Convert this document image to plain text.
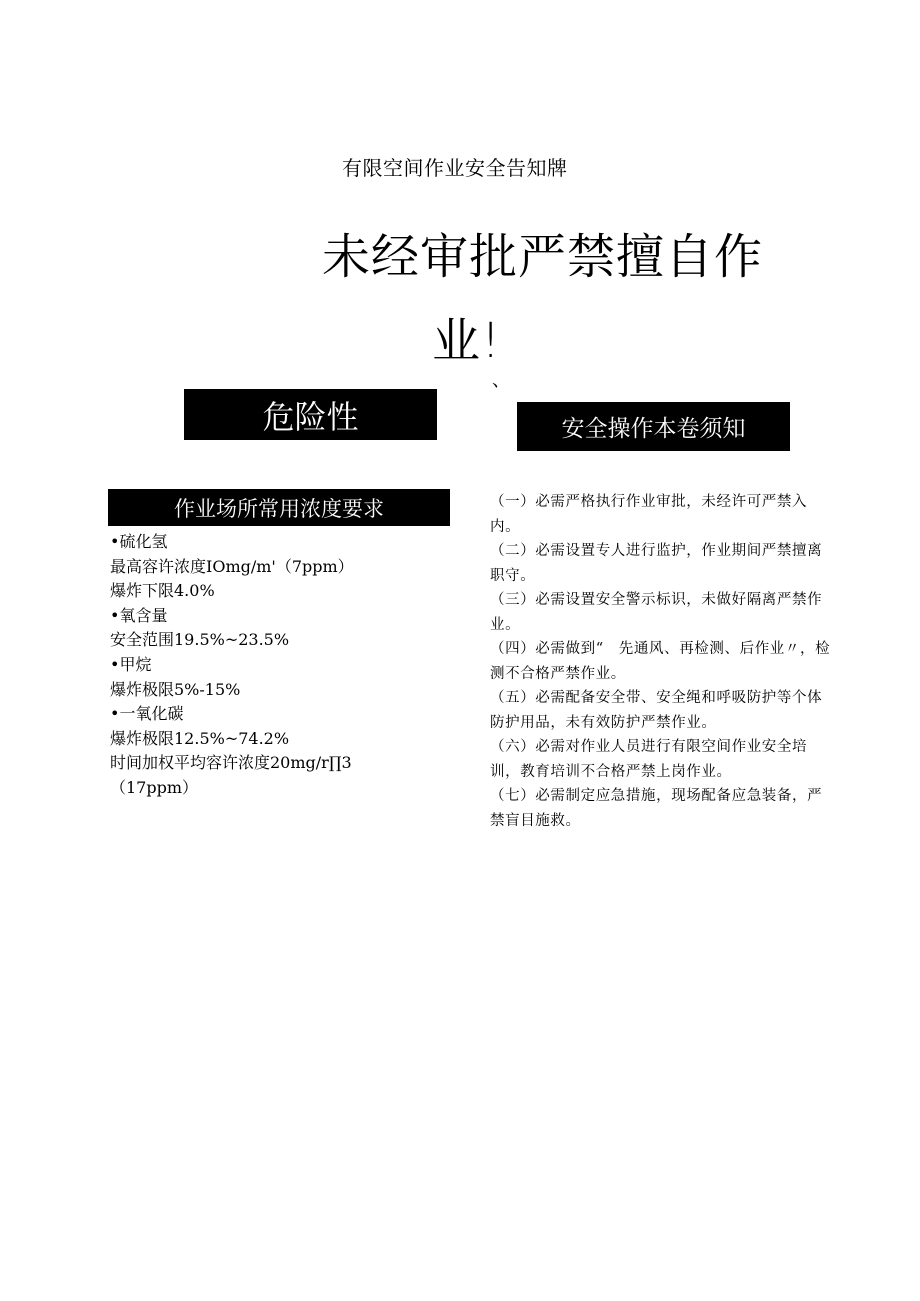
有限空间作业安全告知牌
未经审批严禁擅自作
业!
、
危险性	安全操作本卷须知
作业场所常用浓度要求
•硫化氢
最高容许浓度IOmg/m'（7ppm）
爆炸下限4.0%
•氧含量
安全范围19.5%~23.5%
•甲烷
爆炸极限5%-15%
•一氧化碳
爆炸极限12.5%~74.2%
时间加权平均容许浓度20mg/r∏3
（17ppm）

（一）必需严格执行作业审批，未经许可严禁入内。

（二）必需设置专人进行监护，作业期间严禁擅离职守。

（三）必需设置安全警示标识，未做好隔离严禁作业。

（四）必需做到“　先通风、再检测、后作业〃，检测不合格严禁作业。

（五）必需配备安全带、安全绳和呼吸防护等个体防护用品，未有效防护严禁作业。

（六）必需对作业人员进行有限空间作业安全培训，教育培训不合格严禁上岗作业。

（七）必需制定应急措施，现场配备应急装备，严禁盲目施救。
